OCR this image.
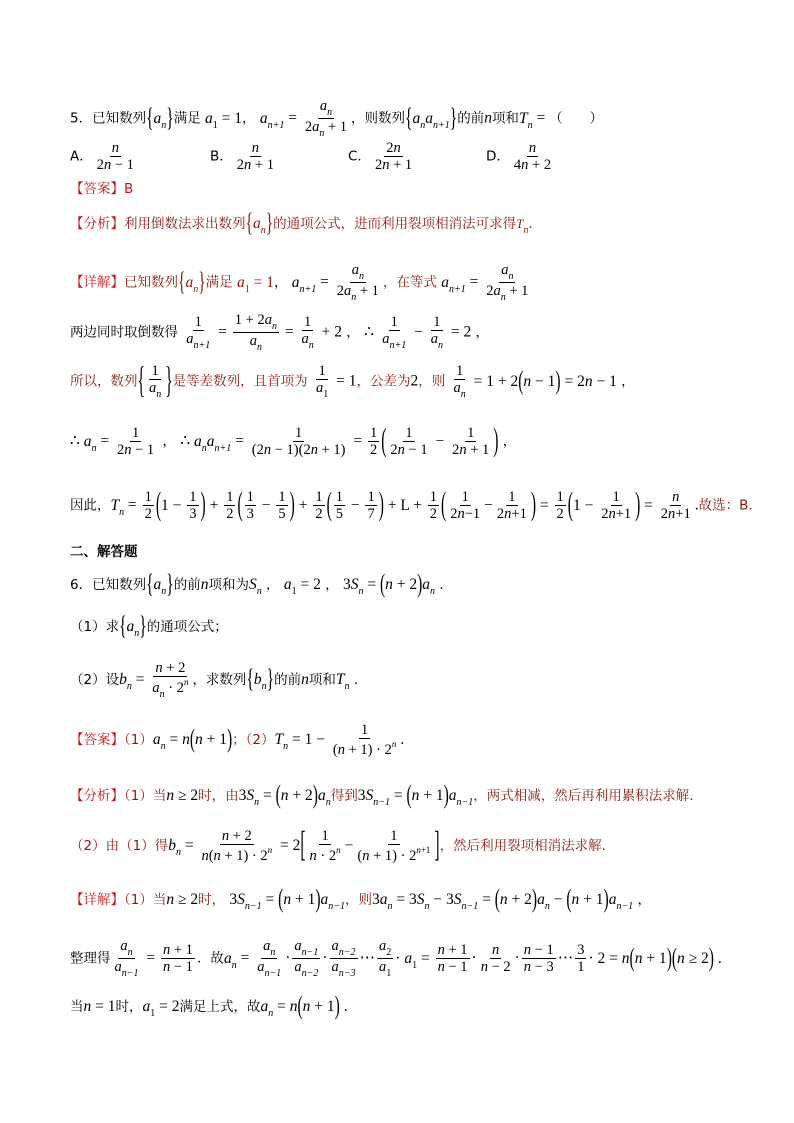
5．已知数列$\{a_n\}$满足 $a_1 = 1$， $a_{n+1} = \frac{a_n}{2a_n + 1}$ ，则数列$\{a_na_{n+1}\}$的前n项和$T_n$ = （　　）
A． $\frac{n}{2n - 1}$	B． $\frac{n}{2n + 1}$	C． $\frac{2n}{2n + 1}$	D． $\frac{n}{4n + 2}$
【答案】B
【分析】利用倒数法求出数列$\{a_n\}$的通项公式，进而利用裂项相消法可求得$T_n$.
【详解】已知数列$\{a_n\}$满足 $a_1 = 1$， $a_{n+1} = \frac{a_n}{2a_n + 1}$ ，在等式 $a_{n+1} = \frac{a_n}{2a_n + 1}$
两边同时取倒数得 $\frac{1}{a_{n+1}} = \frac{1 + 2a_n}{a_n} = \frac{1}{a_n} + 2$ ， ∴ $\frac{1}{a_{n+1}} - \frac{1}{a_n} = 2$ ，
所以，数列{ $\frac{1}{a_n}$ }是等差数列，且首项为 $\frac{1}{a_1} = 1$，公差为2，则 $\frac{1}{a_n} = 1 + 2(n - 1) = 2n - 1$ ，
∴ $a_n = \frac{1}{2n - 1}$ ， ∴ $a_na_{n+1} = \frac{1}{(2n - 1)(2n + 1)} = \frac{1}{2}$ ( $\frac{1}{2n - 1} - \frac{1}{2n + 1}$ ) ，
因此，$T_n = \frac{1}{2} (1 - \frac{1}{3}$ ) + $\frac{1}{2}$ ( $\frac{1}{3} - \frac{1}{5}$ ) + $\frac{1}{2}$ ( $\frac{1}{5} - \frac{1}{7}$ ) + $L + \frac{1}{2}$ ( $\frac{1}{2n-1} - \frac{1}{2n+1}$ ) = $\frac{1}{2} (1 - \frac{1}{2n+1}$ ) = $\frac{n}{2n+1}$ .故选：B.
二、解答题
6．已知数列$\{a_n\}$的前n项和为$S_n$ ， $a_1 = 2$ ， $3S_n = (n + 2)a_n$ .
（1）求$\{a_n\}$的通项公式；
（2）设$b_n = \frac{n + 2}{a_n \cdot 2^n}$ ，求数列$\{b_n\}$的前n项和$T_n$ .
【答案】$(1)a_n = n(n + 1)$；$(2)T_n = 1 - \frac{1}{(n + 1) \cdot 2^n}$ .
【分析】（1）当n ≥ 2时，由$3S_n = (n + 2)a_n$得到$3S_{n-1} = (n + 1)a_{n-1}$，两式相减，然后再利用累积法求解.
（2）由（1）得$b_n = \frac{n + 2}{n(n + 1) \cdot 2^n} = 2[ \frac{1}{n \cdot 2^n} - \frac{1}{(n + 1) \cdot 2^{n+1}}$ ]，然后利用裂项相消法求解.
【详解】（1）当n ≥ 2时， $3S_{n-1} = (n + 1)a_{n-1}$，则$3a_n = 3S_n - 3S_{n-1} = (n + 2)a_n - (n + 1)a_{n-1}$ ，
整理得 $\frac{a_n}{a_{n-1}} = \frac{n + 1}{n - 1}$ ．故$a_n = \frac{a_n}{a_{n-1}} \cdot \frac{a_{n-1}}{a_{n-2}} \cdot \frac{a_{n-2}}{a_{n-3}}$ ⋯ $\frac{a_2}{a_1} \cdot a_1 = \frac{n + 1}{n - 1} \cdot \frac{n}{n - 2} \cdot \frac{n - 1}{n - 3}$ ⋯ $\frac{3}{1} \cdot 2 = n(n + 1)(n \ge 2)$ .
当n = 1时，$a_1 = 2$满足上式，故$a_n = n(n + 1)$ .
